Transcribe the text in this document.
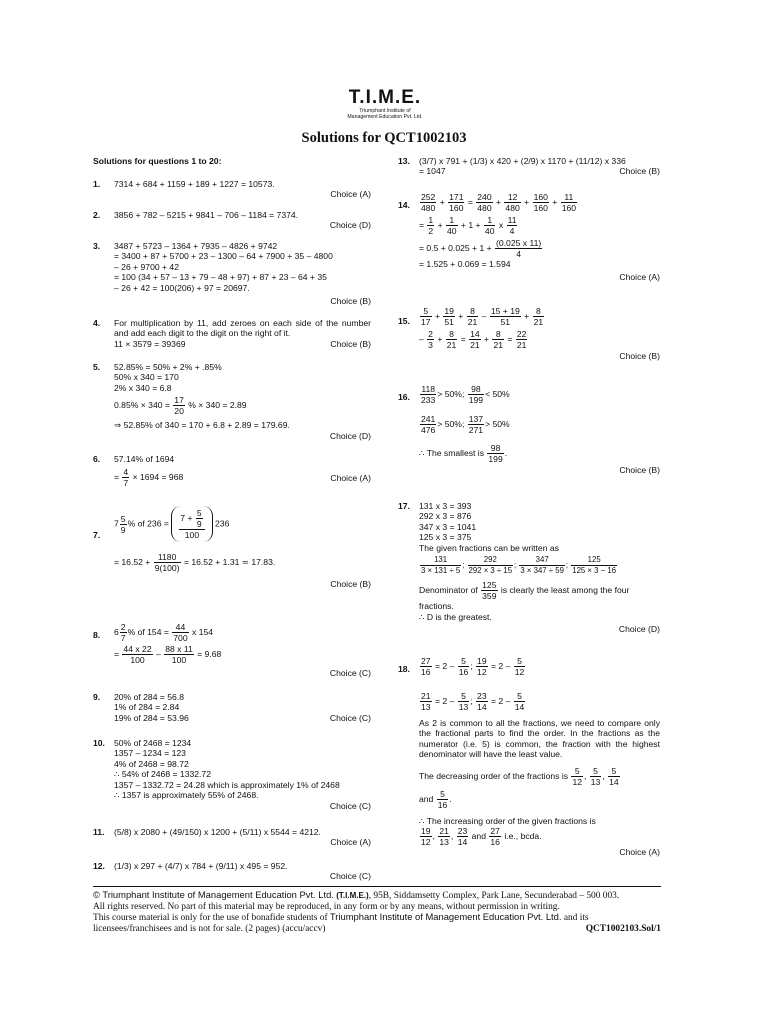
T.I.M.E.
Triumphant Institute of
Management Education Pvt. Ltd.
Solutions for QCT1002103
Solutions for questions 1 to 20:
1. 7314 + 684 + 1159 + 189 + 1227 = 10573.
Choice (A)
2. 3856 + 782 – 5215 + 9841 – 706 – 1184 = 7374.
Choice (D)
3. 3487 + 5723 – 1364 + 7935 – 4826 + 9742
= 3400 + 87 + 5700 + 23 – 1300 – 64 + 7900 + 35 – 4800
– 26 + 9700 + 42
= 100 (34 + 57 – 13 + 79 – 48 + 97) + 87 + 23 – 64 + 35
– 26 + 42 = 100(206) + 97 = 20697.
Choice (B)
4. For multiplication by 11, add zeroes on each side of the number and add each digit to the digit on the right of it.
11 × 3579 = 39369	Choice (B)
5. 52.85% = 50% + 2% + .85%
50% x 340 = 170
2% x 340 = 6.8
$0.85\% \times 340 = \frac{17}{20}$ % × 340 = 2.89
⇒ 52.85% of 340 = 170 + 6.8 + 2.89 = 179.69.
Choice (D)
6. 57.14% of 1694
= $\frac{4}{7} \times 1694 = 968$	Choice (A)
7.
$7 \frac{5}{9}$ % of $236 = \frac{7 + \frac{5}{9}}{100} 236$
= $16.52 + \frac{1180}{9(100)} = 16.52 + 1.31$ ≃ 17.83.
Choice (B)
8. $6 \frac{2}{7}$ % of $154 = \frac{44}{700}$ x 154
= $\frac{44 x 22}{100} - \frac{88 x 11}{100} = 9.68$
Choice (C)
9. 20% of 284 = 56.8
1% of 284 = 2.84
19% of 284 = 53.96	Choice (C)
10. 50% of 2468 = 1234
1357 – 1234 = 123
4% of 2468 = 98.72
∴ 54% of 2468 = 1332.72
1357 – 1332.72 = 24.28 which is approximately 1% of 2468
∴ 1357 is approximately 55% of 2468.
Choice (C)
11. (5/8) x 2080 + (49/150) x 1200 + (5/11) x 5544 = 4212.
Choice (A)
12. (1/3) x 297 + (4/7) x 784 + (9/11) x 495 = 952.
Choice (C)
13. (3/7) x 791 + (1/3) x 420 + (2/9) x 1170 + (11/12) x 336
= 1047	Choice (B)
14. $\frac{252}{480} + \frac{171}{160} = \frac{240}{480} + \frac{12}{480} + \frac{160}{160} + \frac{11}{160}$
= $\frac{1}{2} + \frac{1}{40} + 1 + \frac{1}{40}$ x $\frac{11}{4}$
= $0.5 + 0.025 + 1 + \frac{(0.025 x 11)}{4}$
= 1.525 + 0.069 = 1.594
Choice (A)
15. $\frac{5}{17} + \frac{19}{51} + \frac{8}{21} - \frac{15 + 19}{51} + \frac{8}{21}$
– $\frac{2}{3} + \frac{8}{21} = \frac{14}{21} + \frac{8}{21} = \frac{22}{21}$
Choice (B)
16. $\frac{118}{233} > 50\%$; $\frac{98}{199} < 50\%$
$\frac{241}{476} > 50\%$; $\frac{137}{271} > 50\%$
∴ The smallest is $\frac{98}{199}$ .
Choice (B)
17. 131 x 3 = 393
292 x 3 = 876
347 x 3 = 1041
125 x 3 = 375
The given fractions can be written as
$\frac{131}{3 \times 131 \div 5}$ ; $\frac{292}{292 \times 3 \div 15}$ ; $\frac{347}{3 \times 347 \div 59}$ ; $\frac{125}{125 \times 3 - 16}$
Denominator of $\frac{125}{359}$ is clearly the least among the four
fractions.
∴ D is the greatest.
Choice (D)
18. $\frac{27}{16} = 2 - \frac{5}{16}$ ; $\frac{19}{12} = 2 - \frac{5}{12}$
$\frac{21}{13} = 2 - \frac{5}{13}$ ; $\frac{23}{14} = 2 - \frac{5}{14}$
As 2 is common to all the fractions, we need to compare only the fractional parts to find the order. In the fractions as the numerator (i.e. 5) is common, the fraction with the highest denominator will have the least value.
The decreasing order of the fractions is $\frac{5}{12}$ , $\frac{5}{13}$ , $\frac{5}{14}$
and $\frac{5}{16}$ .
∴ The increasing order of the given fractions is
$\frac{19}{12}$ , $\frac{21}{13}$ , $\frac{23}{14}$ and $\frac{27}{16} i.e$., bcda.
Choice (A)
© Triumphant Institute of Management Education Pvt. Ltd. (T.I.M.E.), 95B, Siddamsetty Complex, Park Lane, Secunderabad – 500 003.
All rights reserved. No part of this material may be reproduced, in any form or by any means, without permission in writing.
This course material is only for the use of bonafide students of Triumphant Institute of Management Education Pvt. Ltd. and its
licensees/franchisees and is not for sale. (2 pages) (accu/accv)	QCT1002103.Sol/1
